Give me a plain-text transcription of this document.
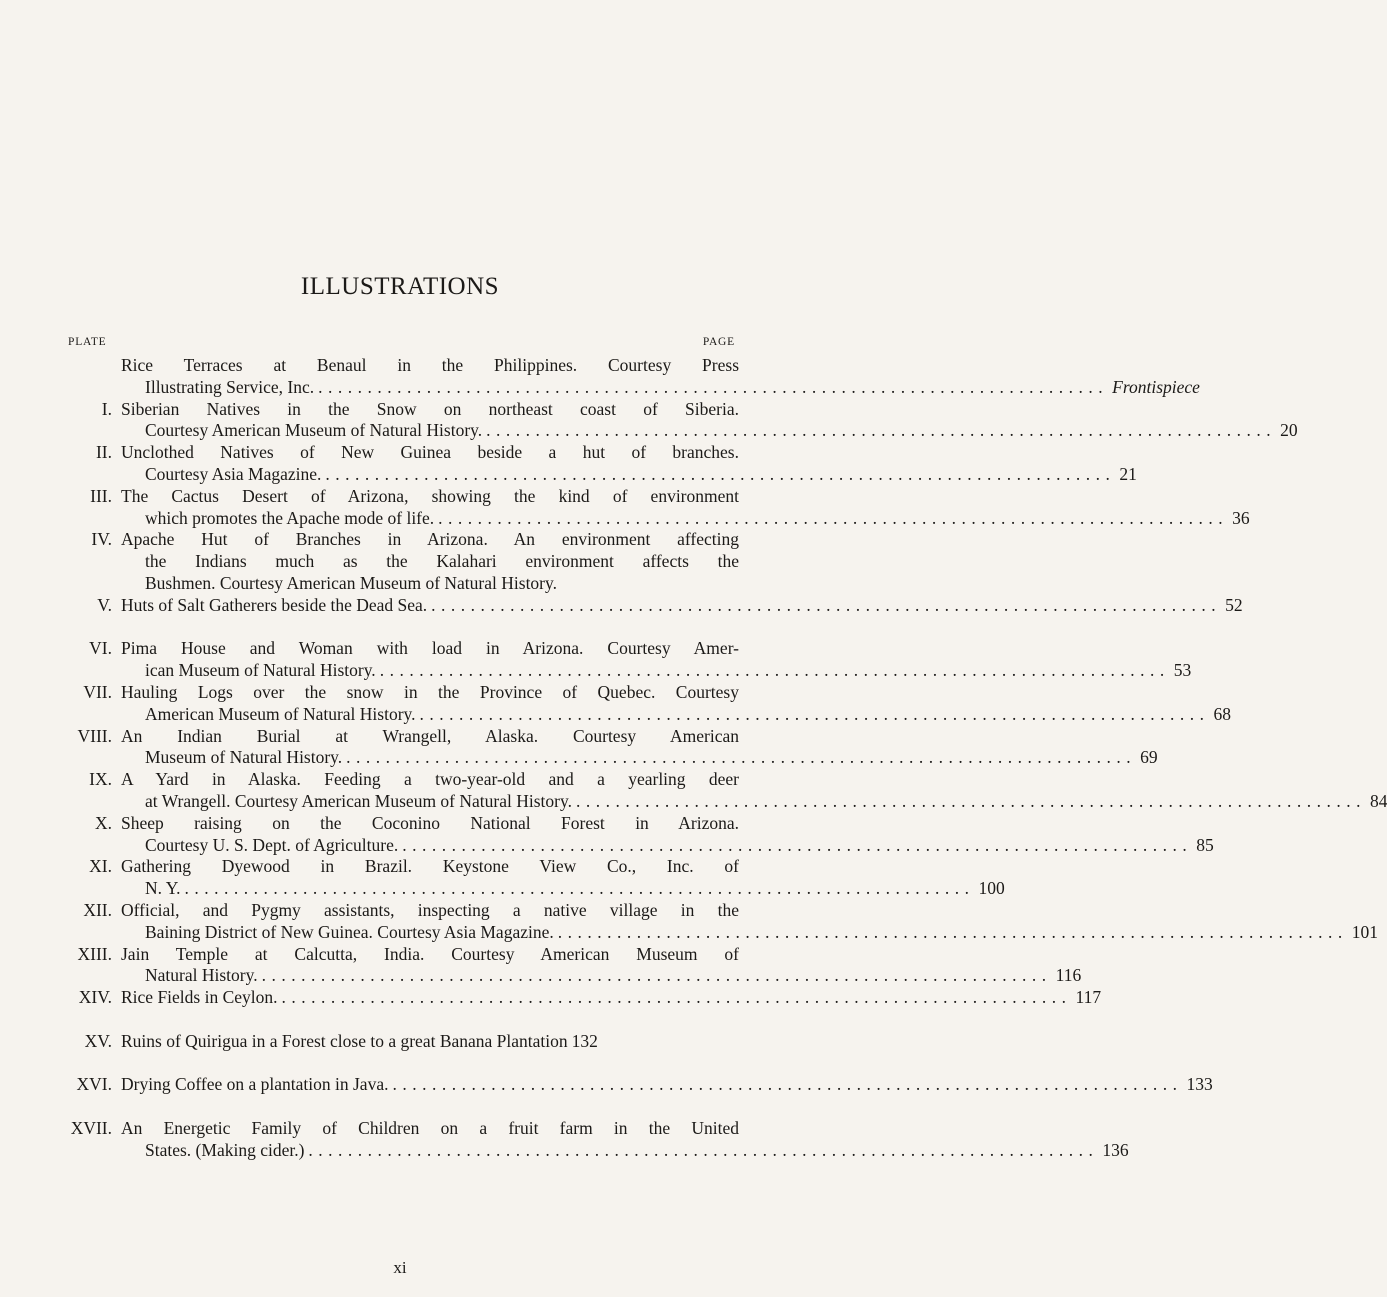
ILLUSTRATIONS
PLATE	PAGE
Rice Terraces at Benaul in the Philippines. Courtesy Press
Illustrating Service, Inc. ................................................................................ Frontispiece
I. Siberian Natives in the Snow on northeast coast of Siberia.
Courtesy American Museum of Natural History. ................................................................................ 20
II. Unclothed Natives of New Guinea beside a hut of branches.
Courtesy Asia Magazine. ................................................................................ 21
III. The Cactus Desert of Arizona, showing the kind of environment
which promotes the Apache mode of life. ................................................................................ 36
IV. Apache Hut of Branches in Arizona. An environment affecting
the Indians much as the Kalahari environment affects the
Bushmen. Courtesy American Museum of Natural History.
V. Huts of Salt Gatherers beside the Dead Sea. ................................................................................ 52
VI. Pima House and Woman with load in Arizona. Courtesy Amer-
ican Museum of Natural History. ................................................................................ 53
VII. Hauling Logs over the snow in the Province of Quebec. Courtesy
American Museum of Natural History. ................................................................................ 68
VIII. An Indian Burial at Wrangell, Alaska. Courtesy American
Museum of Natural History. ................................................................................ 69
IX. A Yard in Alaska. Feeding a two-year-old and a yearling deer
at Wrangell. Courtesy American Museum of Natural History. ................................................................................ 84
X. Sheep raising on the Coconino National Forest in Arizona.
Courtesy U. S. Dept. of Agriculture. ................................................................................ 85
XI. Gathering Dyewood in Brazil. Keystone View Co., Inc. of
N. Y. ................................................................................ 100
XII. Official, and Pygmy assistants, inspecting a native village in the
Baining District of New Guinea. Courtesy Asia Magazine. ................................................................................ 101
XIII. Jain Temple at Calcutta, India. Courtesy American Museum of
Natural History. ................................................................................ 116
XIV. Rice Fields in Ceylon. ................................................................................ 117
XV. Ruins of Quirigua in a Forest close to a great Banana Plantation 132
XVI. Drying Coffee on a plantation in Java. ................................................................................ 133
XVII. An Energetic Family of Children on a fruit farm in the United
States. (Making cider.) ................................................................................ 136
xi
